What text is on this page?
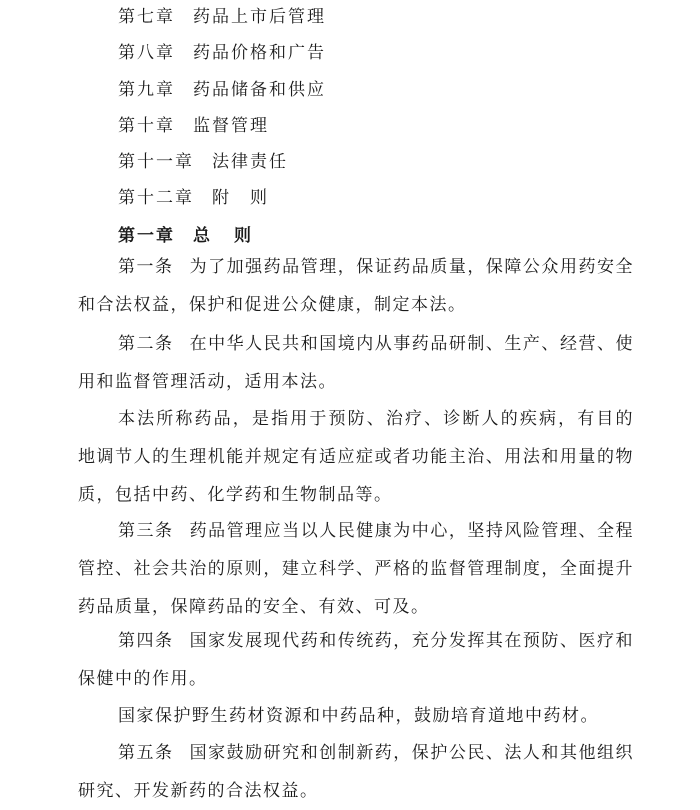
第七章 药品上市后管理
第八章 药品价格和广告
第九章 药品储备和供应
第十章 监督管理
第十一章 法律责任
第十二章 附　则
第一章 总 则

第一条 为了加强药品管理，保证药品质量，保障公众用药安全和合法权益，保护和促进公众健康，制定本法。

第二条 在中华人民共和国境内从事药品研制、生产、经营、使用和监督管理活动，适用本法。

本法所称药品，是指用于预防、治疗、诊断人的疾病，有目的地调节人的生理机能并规定有适应症或者功能主治、用法和用量的物质，包括中药、化学药和生物制品等。

第三条 药品管理应当以人民健康为中心，坚持风险管理、全程管控、社会共治的原则，建立科学、严格的监督管理制度，全面提升药品质量，保障药品的安全、有效、可及。

第四条 国家发展现代药和传统药，充分发挥其在预防、医疗和保健中的作用。

国家保护野生药材资源和中药品种，鼓励培育道地中药材。

第五条 国家鼓励研究和创制新药，保护公民、法人和其他组织研究、开发新药的合法权益。
